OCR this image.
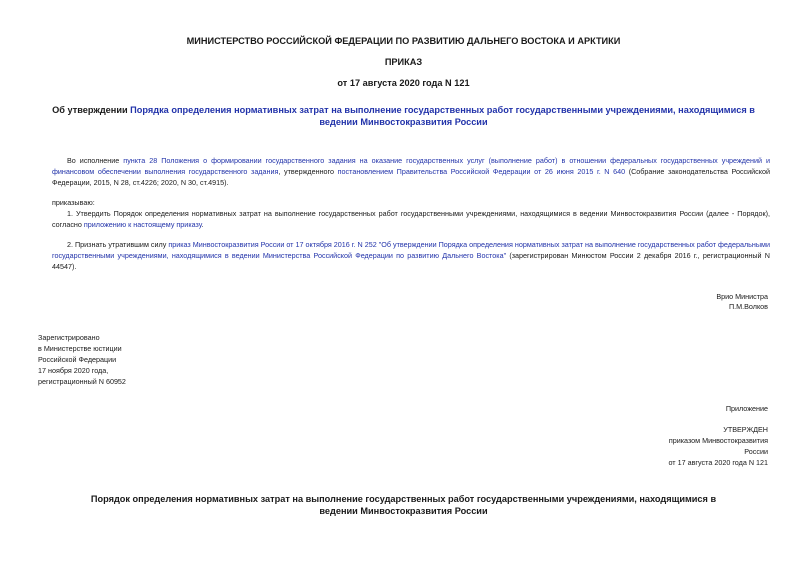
МИНИСТЕРСТВО РОССИЙСКОЙ ФЕДЕРАЦИИ ПО РАЗВИТИЮ ДАЛЬНЕГО ВОСТОКА И АРКТИКИ
ПРИКАЗ
от 17 августа 2020 года N 121
Об утверждении Порядка определения нормативных затрат на выполнение государственных работ государственными учреждениями, находящимися в ведении Минвостокразвития России
Во исполнение пункта 28 Положения о формировании государственного задания на оказание государственных услуг (выполнение работ) в отношении федеральных государственных учреждений и финансовом обеспечении выполнения государственного задания, утвержденного постановлением Правительства Российской Федерации от 26 июня 2015 г. N 640 (Собрание законодательства Российской Федерации, 2015, N 28, ст.4226; 2020, N 30, ст.4915).
приказываю:
1. Утвердить Порядок определения нормативных затрат на выполнение государственных работ государственными учреждениями, находящимися в ведении Минвостокразвития России (далее - Порядок), согласно приложению к настоящему приказу.
2. Признать утратившим силу приказ Минвостокразвития России от 17 октября 2016 г. N 252 "Об утверждении Порядка определения нормативных затрат на выполнение государственных работ федеральными государственными учреждениями, находящимися в ведении Министерства Российской Федерации по развитию Дальнего Востока" (зарегистрирован Минюстом России 2 декабря 2016 г., регистрационный N 44547).
Врио Министра
П.М.Волков
Зарегистрировано
в Министерстве юстиции
Российской Федерации
17 ноября 2020 года,
регистрационный N 60952
Приложение
УТВЕРЖДЕН
приказом Минвостокразвития
России
от 17 августа 2020 года N 121
Порядок определения нормативных затрат на выполнение государственных работ государственными учреждениями, находящимися в ведении Минвостокразвития России
